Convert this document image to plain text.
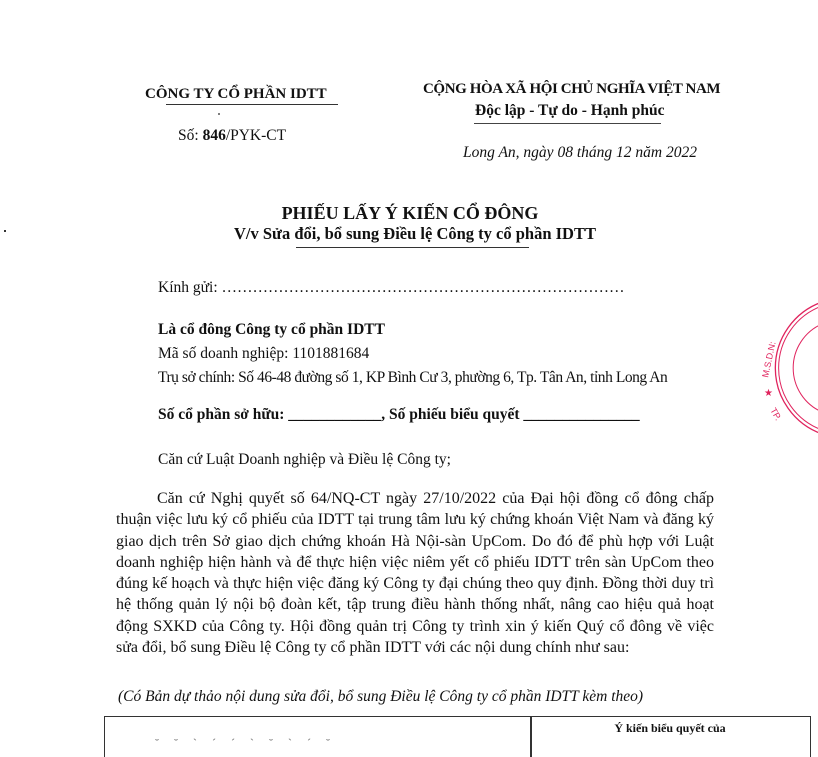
CÔNG TY CỔ PHẦN IDTT
Số: 846/PYK-CT
CỘNG HÒA XÃ HỘI CHỦ NGHĨA VIỆT NAM
Độc lập - Tự do - Hạnh phúc
Long An, ngày 08 tháng 12 năm 2022
PHIẾU LẤY Ý KIẾN CỔ ĐÔNG
V/v Sửa đổi, bổ sung Điều lệ Công ty cổ phần IDTT
Kính gửi: ……………………………………………………………………
Là cổ đông Công ty cổ phần IDTT
Mã số doanh nghiệp: 1101881684
Trụ sở chính: Số 46-48 đường số 1, KP Bình Cư 3, phường 6, Tp. Tân An, tỉnh Long An
Số cổ phần sở hữu: ____________, Số phiếu biểu quyết _______________
Căn cứ Luật Doanh nghiệp và Điều lệ Công ty;

Căn cứ Nghị quyết số 64/NQ-CT ngày 27/10/2022 của Đại hội đồng cổ đông chấp thuận việc lưu ký cổ phiếu của IDTT tại trung tâm lưu ký chứng khoán Việt Nam và đăng ký giao dịch trên Sở giao dịch chứng khoán Hà Nội-sàn UpCom. Do đó để phù hợp với Luật doanh nghiệp hiện hành và để thực hiện việc niêm yết cổ phiếu IDTT trên sàn UpCom theo đúng kế hoạch và thực hiện việc đăng ký Công ty đại chúng theo quy định. Đồng thời duy trì hệ thống quản lý nội bộ đoàn kết, tập trung điều hành thống nhất, nâng cao hiệu quả hoạt động SXKD của Công ty. Hội đồng quản trị Công ty trình xin ý kiến Quý cổ đông về việc sửa đổi, bổ sung Điều lệ Công ty cổ phần IDTT với các nội dung chính như sau:

(Có Bản dự thảo nội dung sửa đổi, bổ sung Điều lệ Công ty cổ phần IDTT kèm theo)
˘ ˘ ` ´ ´ ` ˘ ` ´ ˘
Ý kiến biểu quyết của
M.S.D.N:
★
TP.
